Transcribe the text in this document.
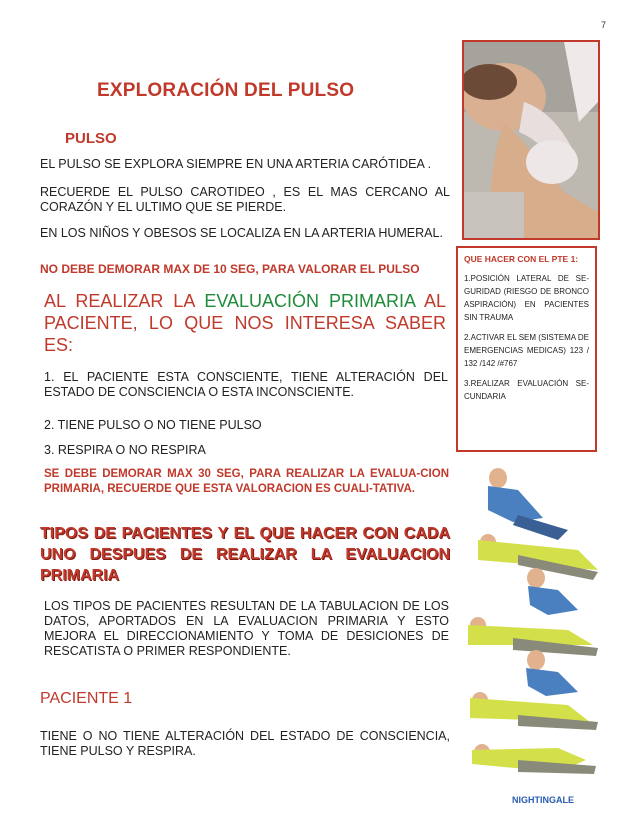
7
EXPLORACIÓN DEL PULSO
PULSO
EL PULSO SE EXPLORA SIEMPRE EN UNA ARTERIA CARÓTIDEA .
RECUERDE EL PULSO CAROTIDEO , ES EL MAS CERCANO AL CORAZÓN Y EL ULTIMO QUE SE PIERDE.
EN LOS NIÑOS Y OBESOS SE LOCALIZA EN LA ARTERIA HUMERAL.
NO DEBE DEMORAR MAX DE 10 SEG, PARA VALORAR EL PULSO
AL REALIZAR LA EVALUACIÓN PRIMARIA AL PACIENTE, LO QUE NOS INTERESA SABER ES:
1. EL PACIENTE ESTA CONSCIENTE, TIENE ALTERACIÓN DEL ESTADO DE CONSCIENCIA O ESTA INCONSCIENTE.
2. TIENE PULSO O NO TIENE PULSO
3. RESPIRA O NO RESPIRA
SE DEBE DEMORAR MAX 30 SEG, PARA REALIZAR LA EVALUA-CION PRIMARIA, RECUERDE QUE ESTA VALORACION ES CUALI-TATIVA.
TIPOS DE PACIENTES Y EL QUE HACER CON CADA UNO DESPUES DE REALIZAR LA EVALUACION PRIMARIA
LOS TIPOS DE PACIENTES RESULTAN DE LA TABULACION DE LOS DATOS, APORTADOS EN LA EVALUACION PRIMARIA Y ESTO MEJORA EL DIRECCIONAMIENTO Y TOMA DE DESICIONES DE RESCATISTA O PRIMER RESPONDIENTE.
PACIENTE 1
TIENE O NO TIENE ALTERACIÓN DEL ESTADO DE CONSCIENCIA, TIENE PULSO Y RESPIRA.
QUE HACER CON EL PTE 1:
1.POSICIÓN LATERAL DE SE-GURIDAD (RIESGO DE BRONCO ASPIRACIÓN) EN PACIENTES SIN TRAUMA
2.ACTIVAR EL SEM (SISTEMA DE EMERGENCIAS MEDICAS) 123 / 132 /142 /#767
3.REALIZAR EVALUACIÓN SE-CUNDARIA
NIGHTINGALE
